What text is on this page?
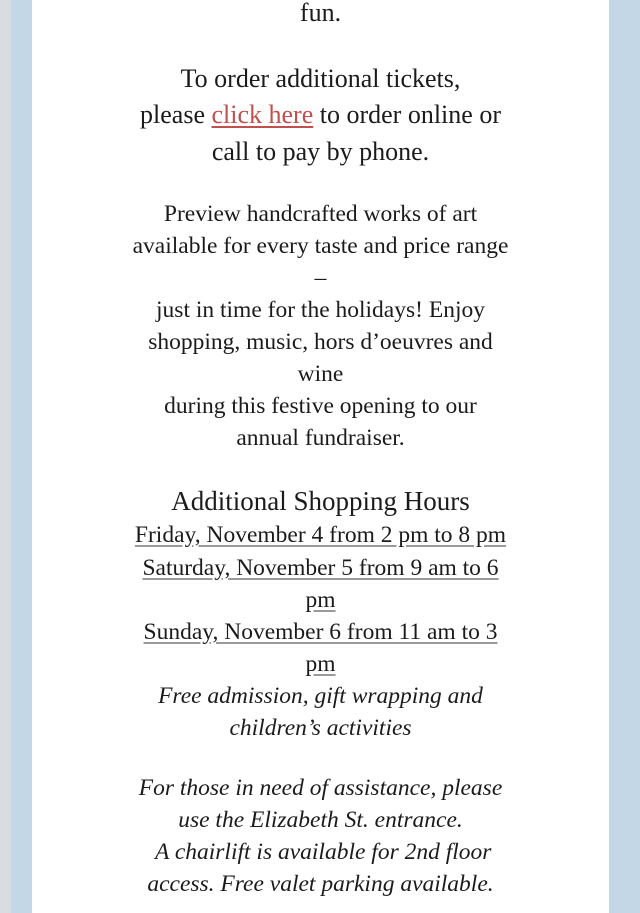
fun.
To order additional tickets,
please click here to order online or
call to pay by phone.
Preview handcrafted works of art
available for every taste and price range
–
just in time for the holidays! Enjoy
shopping, music, hors d’oeuvres and
wine
during this festive opening to our
annual fundraiser.
Additional Shopping Hours
Friday, November 4 from 2 pm to 8 pm
Saturday, November 5 from 9 am to 6
pm
Sunday, November 6 from 11 am to 3
pm
Free admission, gift wrapping and
children’s activities
For those in need of assistance, please
use the Elizabeth St. entrance.
A chairlift is available for 2nd floor
access. Free valet parking available.
